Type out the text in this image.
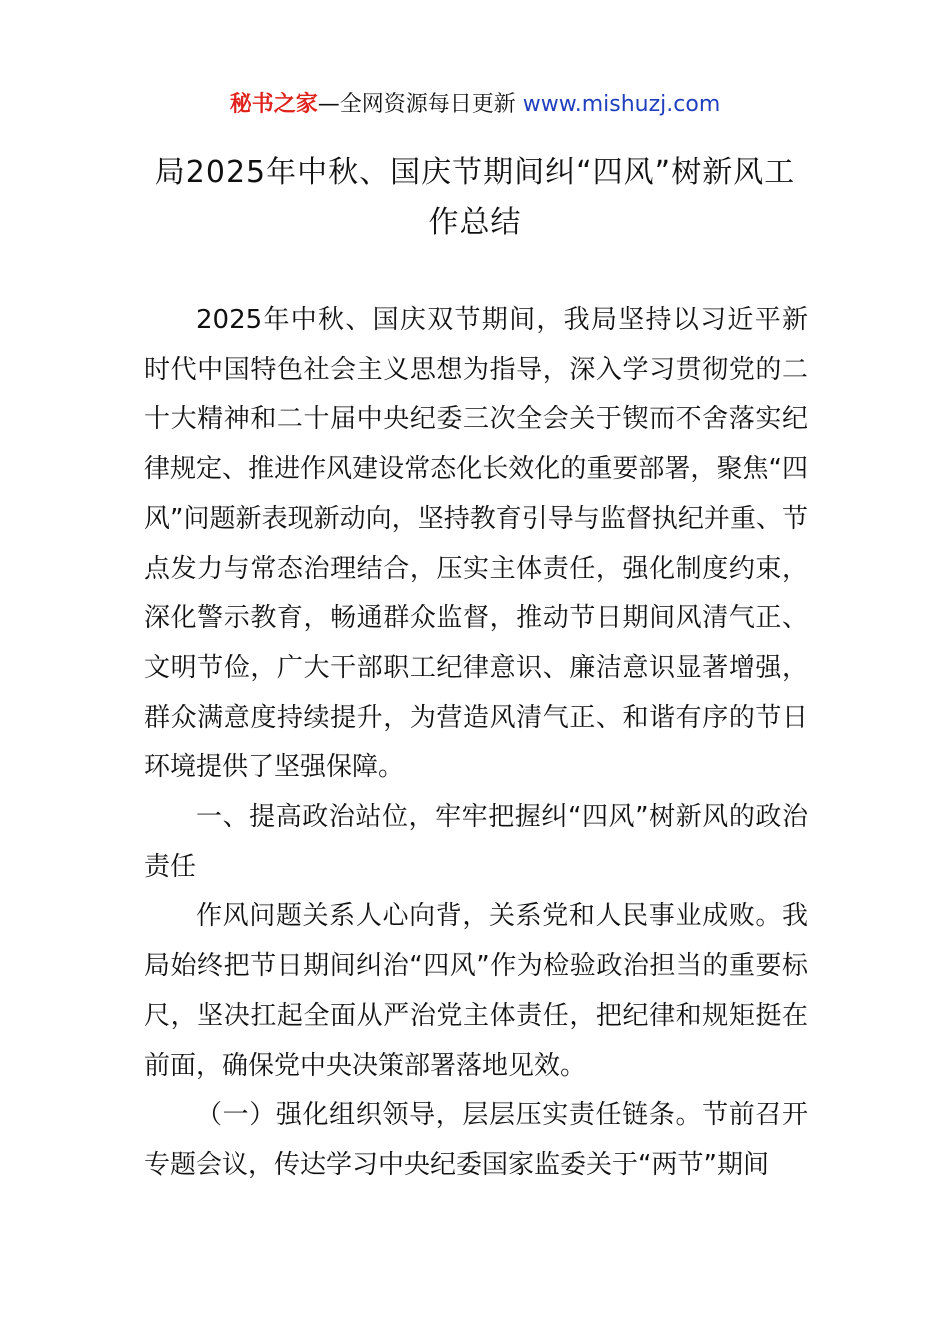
秘书之家—全网资源每日更新 www.mishuzj.com
局2025年中秋、国庆节期间纠“四风”树新风工作总结

2025年中秋、国庆双节期间，我局坚持以习近平新时代中国特色社会主义思想为指导，深入学习贯彻党的二十大精神和二十届中央纪委三次全会关于锲而不舍落实纪律规定、推进作风建设常态化长效化的重要部署，聚焦“四风”问题新表现新动向，坚持教育引导与监督执纪并重、节点发力与常态治理结合，压实主体责任，强化制度约束，深化警示教育，畅通群众监督，推动节日期间风清气正、文明节俭，广大干部职工纪律意识、廉洁意识显著增强，群众满意度持续提升，为营造风清气正、和谐有序的节日环境提供了坚强保障。

一、提高政治站位，牢牢把握纠“四风”树新风的政治责任

作风问题关系人心向背，关系党和人民事业成败。我局始终把节日期间纠治“四风”作为检验政治担当的重要标尺，坚决扛起全面从严治党主体责任，把纪律和规矩挺在前面，确保党中央决策部署落地见效。

（一）强化组织领导，层层压实责任链条。节前召开专题会议，传达学习中央纪委国家监委关于“两节”期间
